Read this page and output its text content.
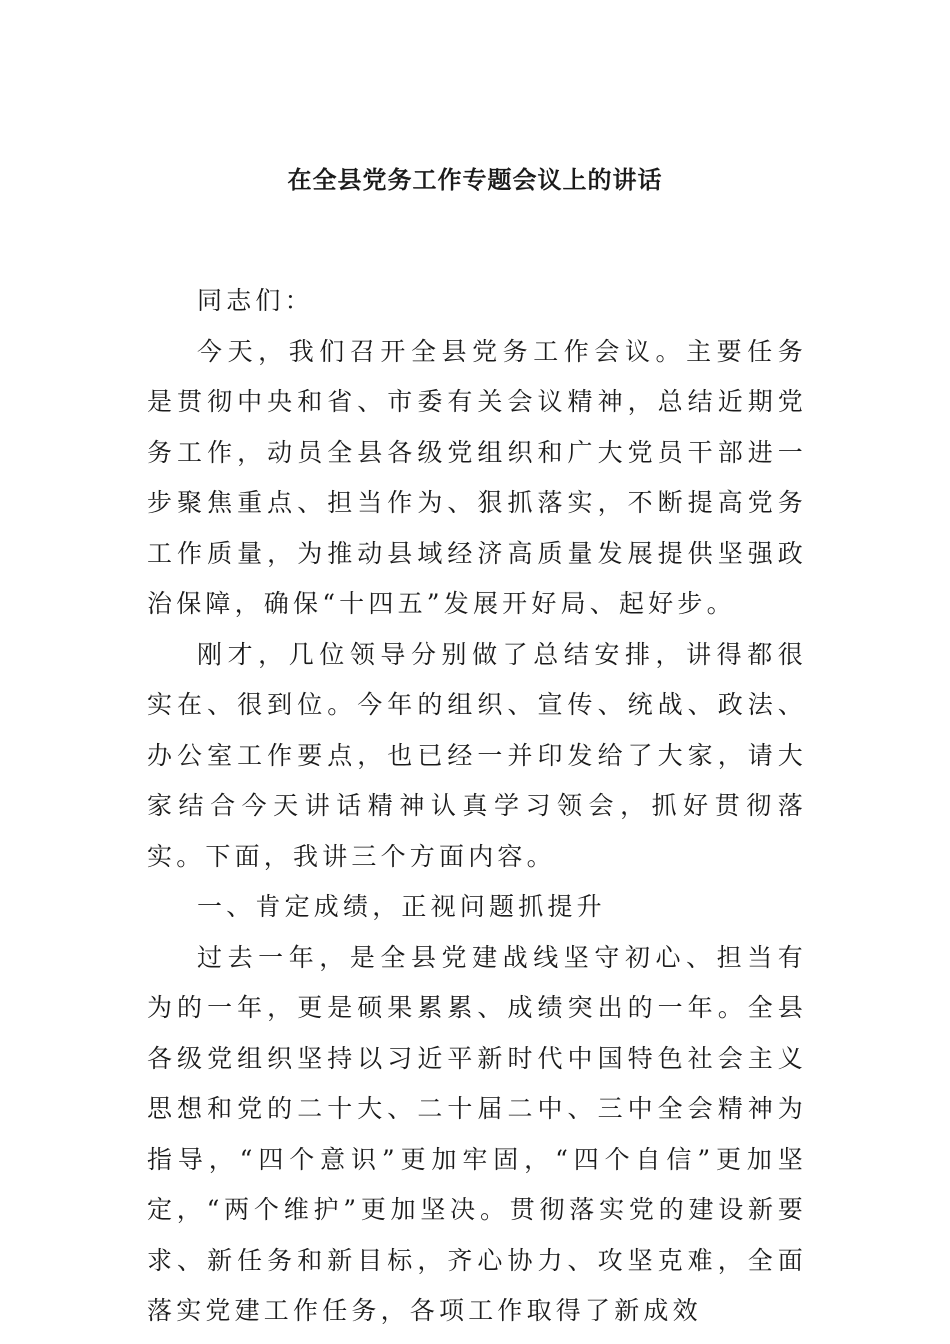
在全县党务工作专题会议上的讲话

同志们：

今天，我们召开全县党务工作会议。主要任务是贯彻中央和省、市委有关会议精神，总结近期党务工作，动员全县各级党组织和广大党员干部进一步聚焦重点、担当作为、狠抓落实，不断提高党务工作质量，为推动县域经济高质量发展提供坚强政治保障，确保“十四五”发展开好局、起好步。

刚才，几位领导分别做了总结安排，讲得都很实在、很到位。今年的组织、宣传、统战、政法、办公室工作要点，也已经一并印发给了大家，请大家结合今天讲话精神认真学习领会，抓好贯彻落实。下面，我讲三个方面内容。

一、肯定成绩，正视问题抓提升

过去一年，是全县党建战线坚守初心、担当有为的一年，更是硕果累累、成绩突出的一年。全县各级党组织坚持以习近平新时代中国特色社会主义思想和党的二十大、二十届二中、三中全会精神为指导，“四个意识”更加牢固，“四个自信”更加坚定，“两个维护”更加坚决。贯彻落实党的建设新要求、新任务和新目标，齐心协力、攻坚克难，全面落实党建工作任务，各项工作取得了新成效
